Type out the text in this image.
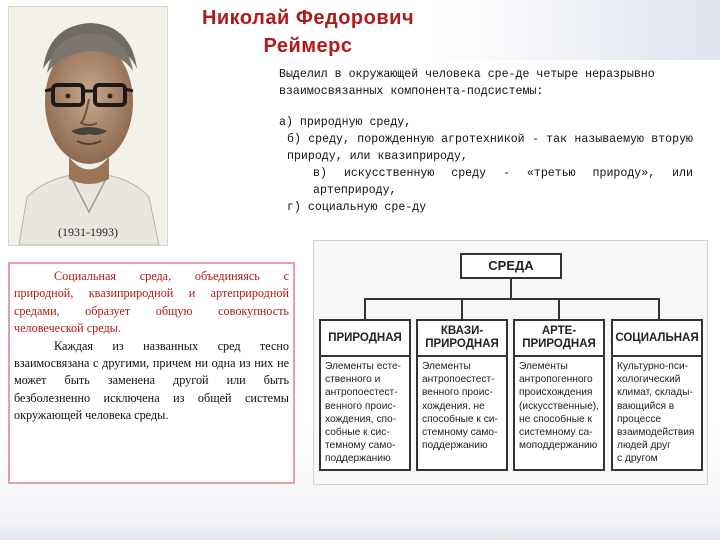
Николай Федорович
Реймерс
(1931-1993)

Выделил в окружающей человека сре-де четыре неразрывно взаимосвязанных компонента-подсистемы:

а) природную среду,

б) среду, порожденную агротехникой - так называемую вторую природу, или квазиприроду,

в) искусственную среду - «третью природу», или артеприроду,

г) социальную сре-ду

Социальная среда, объединяясь с природной, квазиприродной и артеприродной средами, образует общую совокупность человеческой среды.

Каждая из названных сред тесно взаимосвязана с другими, причем ни одна из них не может быть заменена другой или быть безболезненно исключена из общей системы окружающей человека среды.

СРЕДА
ПРИРОДНАЯ
Элементы есте-
ственного и
антропоестест-
венного проис-
хождения, спо-
собные к сис-
темному само-
поддержанию
КВАЗИ-
ПРИРОДНАЯ
Элементы
антропоестест-
венного проис-
хождения, не
способные к си-
стемному само-
поддержанию
АРТЕ-
ПРИРОДНАЯ
Элементы
антропогенного
происхождения
(искусственные),
не способные к
системному са-
моподдержанию
СОЦИАЛЬНАЯ
Культурно-пси-
хологический
климат, склады-
вающийся в
процессе
взаимодействия
людей друг
с другом
